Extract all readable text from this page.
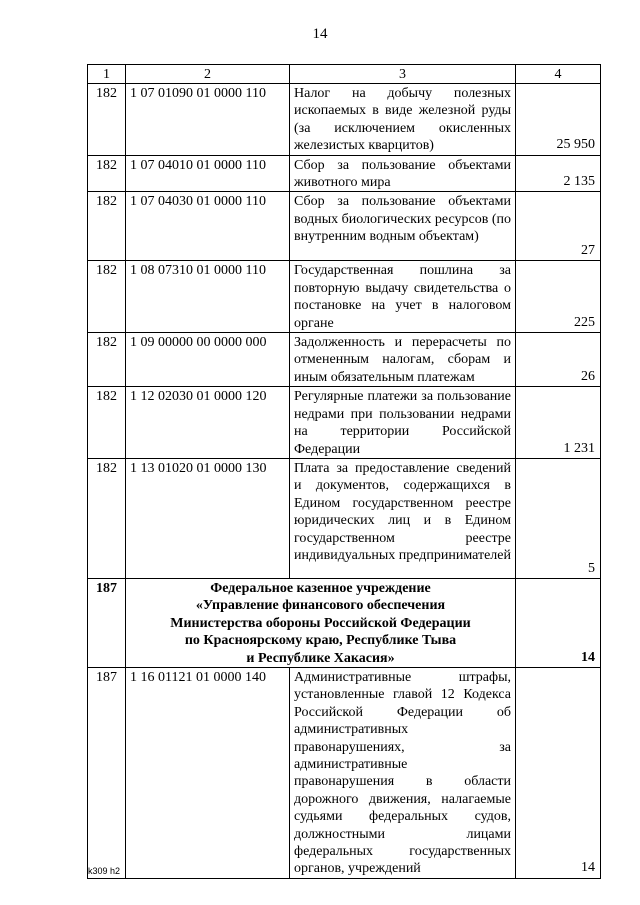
14
1	2	3	4
182	1 07 01090 01 0000 110	Налог на добычу полезных ископаемых в виде железной руды (за исключением окисленных железистых кварцитов)	25 950
182	1 07 04010 01 0000 110	Сбор за пользование объектами животного мира	2 135
182	1 07 04030 01 0000 110	Сбор за пользование объектами водных биологических ресурсов (по внутренним водным объектам)	27
182	1 08 07310 01 0000 110	Государственная пошлина за повторную выдачу свидетельства о постановке на учет в налоговом органе	225
182	1 09 00000 00 0000 000	Задолженность и перерасчеты по отмененным налогам, сборам и иным обязательным платежам	26
182	1 12 02030 01 0000 120	Регулярные платежи за пользование недрами при пользовании недрами на территории Российской Федерации	1 231
182	1 13 01020 01 0000 130	Плата за предоставление сведений и документов, содержащихся в Едином государственном реестре юридических лиц и в Едином государственном реестре индивидуальных предпринимателей	5
187	Федеральное казенное учреждение
«Управление финансового обеспечения
Министерства обороны Российской Федерации
по Красноярскому краю, Республике Тыва
и Республике Хакасия»		14
187	1 16 01121 01 0000 140	Административные штрафы, установленные главой 12 Кодекса Российской Федерации об административных правонарушениях, за административные правонарушения в области дорожного движения, налагаемые судьями федеральных судов, должностными лицами федеральных государственных органов, учреждений	14
k309 h2
